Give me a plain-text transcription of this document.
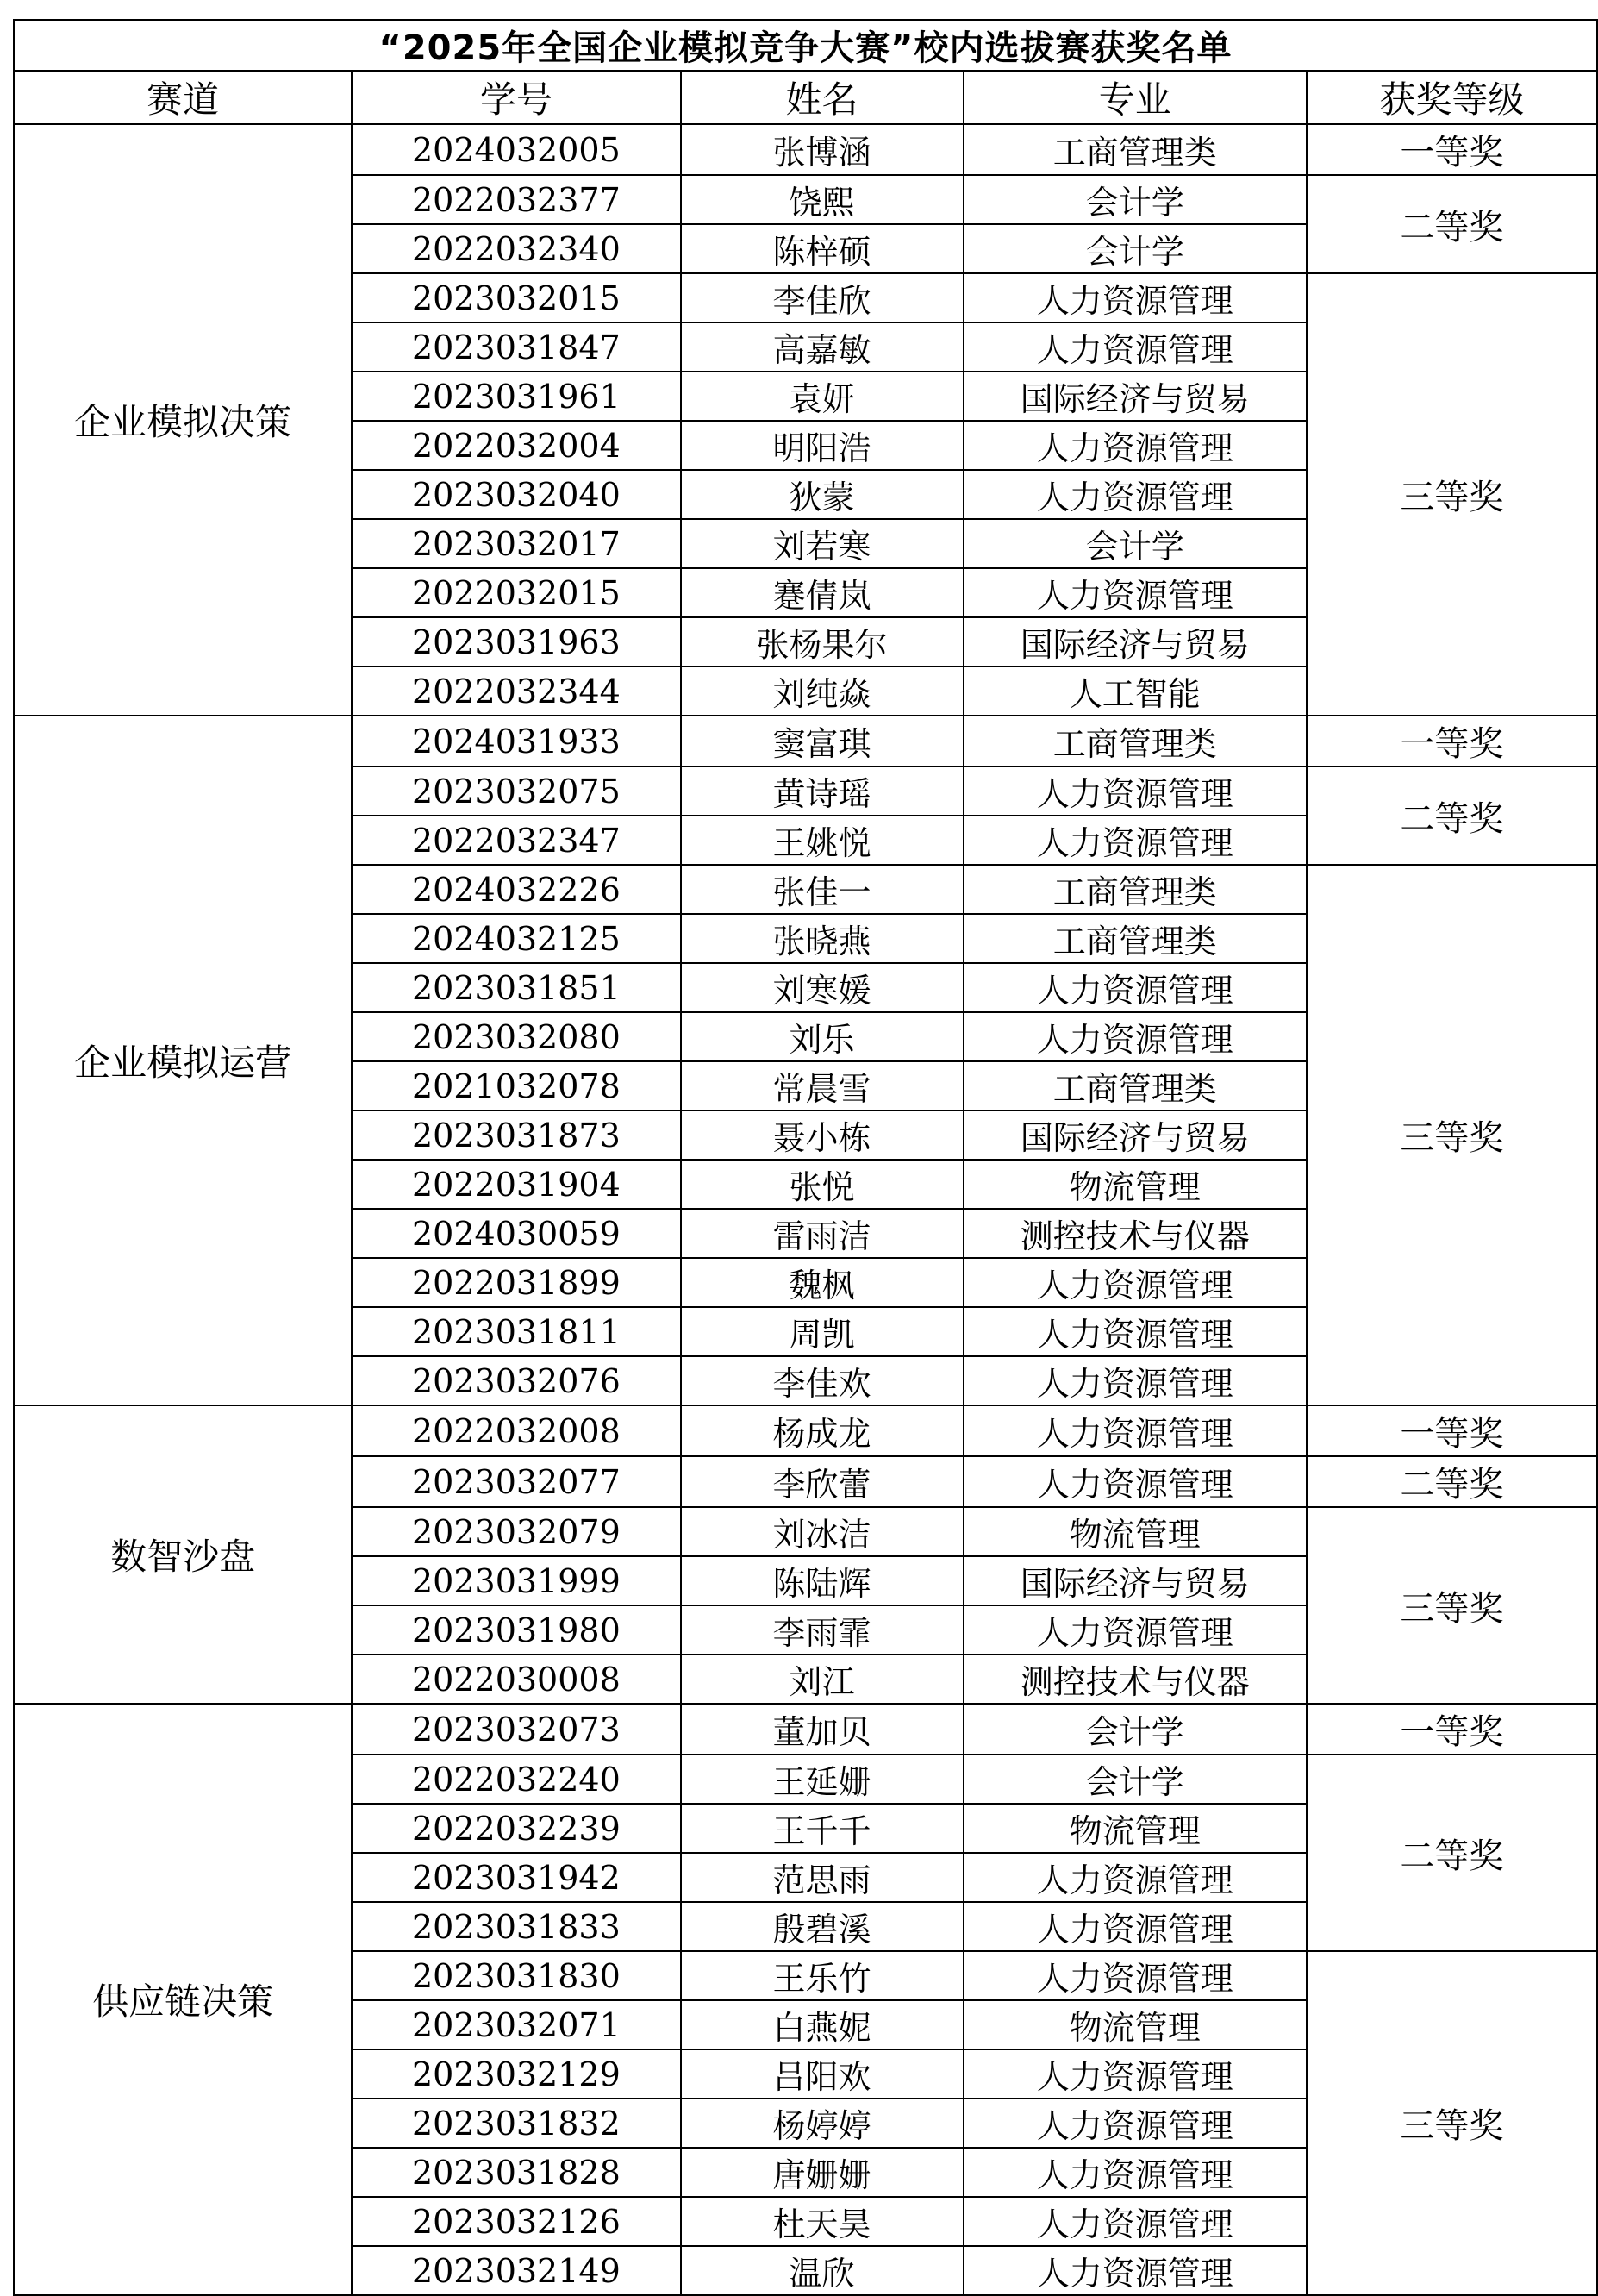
“2025年全国企业模拟竞争大赛”校内选拔赛获奖名单				
赛道	学号	姓名	专业	获奖等级
企业模拟决策	2024032005	张博涵	工商管理类	一等奖
	2022032377	饶熙	会计学	二等奖
	2022032340	陈梓硕	会计学	
	2023032015	李佳欣	人力资源管理	三等奖
	2023031847	高嘉敏	人力资源管理	
	2023031961	袁妍	国际经济与贸易	
	2022032004	明阳浩	人力资源管理	
	2023032040	狄蒙	人力资源管理	
	2023032017	刘若寒	会计学	
	2022032015	蹇倩岚	人力资源管理	
	2023031963	张杨果尔	国际经济与贸易	
	2022032344	刘纯焱	人工智能	
企业模拟运营	2024031933	窦富琪	工商管理类	一等奖
	2023032075	黄诗瑶	人力资源管理	二等奖
	2022032347	王姚悦	人力资源管理	
	2024032226	张佳一	工商管理类	三等奖
	2024032125	张晓燕	工商管理类	
	2023031851	刘寒媛	人力资源管理	
	2023032080	刘乐	人力资源管理	
	2021032078	常晨雪	工商管理类	
	2023031873	聂小栋	国际经济与贸易	
	2022031904	张悦	物流管理	
	2024030059	雷雨洁	测控技术与仪器	
	2022031899	魏枫	人力资源管理	
	2023031811	周凯	人力资源管理	
	2023032076	李佳欢	人力资源管理	
数智沙盘	2022032008	杨成龙	人力资源管理	一等奖
	2023032077	李欣蕾	人力资源管理	二等奖
	2023032079	刘冰洁	物流管理	三等奖
	2023031999	陈陆辉	国际经济与贸易	
	2023031980	李雨霏	人力资源管理	
	2022030008	刘江	测控技术与仪器	
供应链决策	2023032073	董加贝	会计学	一等奖
	2022032240	王延姗	会计学	二等奖
	2022032239	王千千	物流管理	
	2023031942	范思雨	人力资源管理	
	2023031833	殷碧溪	人力资源管理	
	2023031830	王乐竹	人力资源管理	三等奖
	2023032071	白燕妮	物流管理	
	2023032129	吕阳欢	人力资源管理	
	2023031832	杨婷婷	人力资源管理	
	2023031828	唐姗姗	人力资源管理	
	2023032126	杜天昊	人力资源管理	
	2023032149	温欣	人力资源管理	
